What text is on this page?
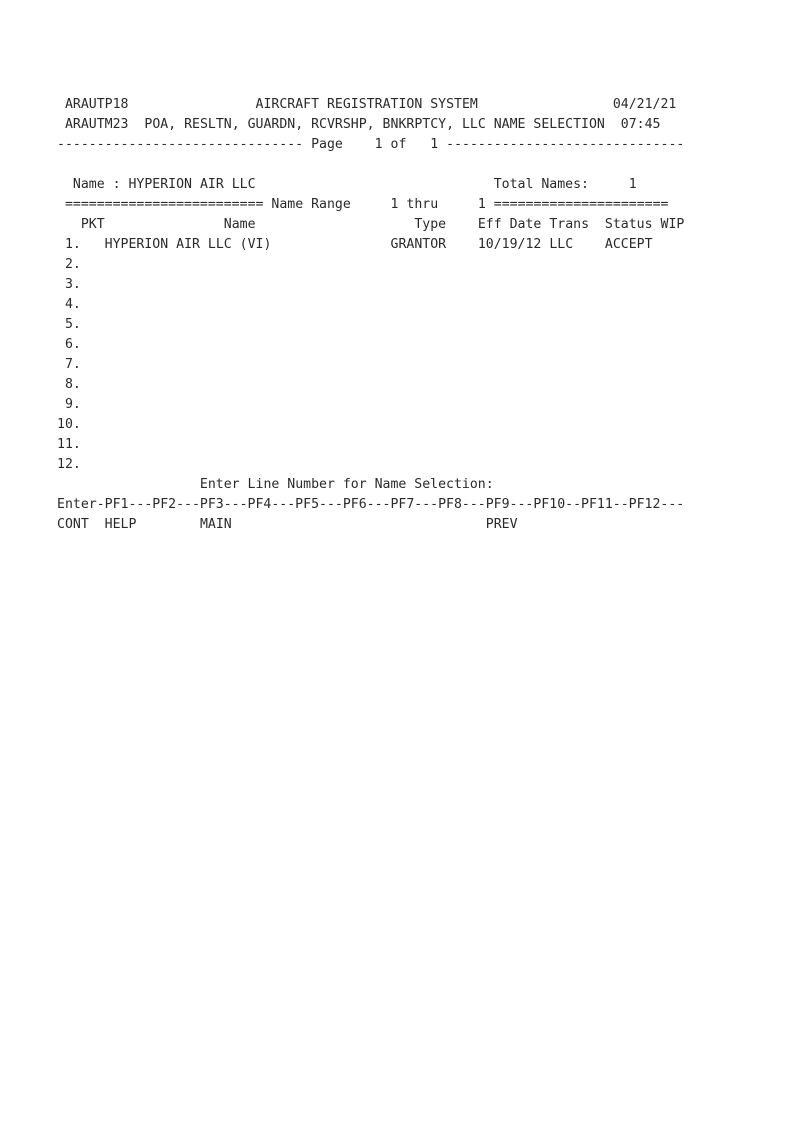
ARAUTP18	AIRCRAFT REGISTRATION SYSTEM	04/21/21
ARAUTM23 POA, RESLTN, GUARDN, RCVRSHP, BNKRPTCY, LLC NAME SELECTION 07:45
------------------------------- Page 1 of 1 ------------------------------

Name : HYPERION AIR LLC	Total Names:	1
========================= Name Range	1 thru	1 ======================
PKT	Name	Type Eff Date Trans Status WIP
1. HYPERION AIR LLC (VI)	GRANTOR 10/19/12 LLC ACCEPT
2.
3.
4.
5.
6.
7.
8.
9.
10.
11.
12.
Enter Line Number for Name Selection:
Enter-PF1---PF2---PF3---PF4---PF5---PF6---PF7---PF8---PF9---PF10--PF11--PF12---
CONT HELP	MAIN	PREV
